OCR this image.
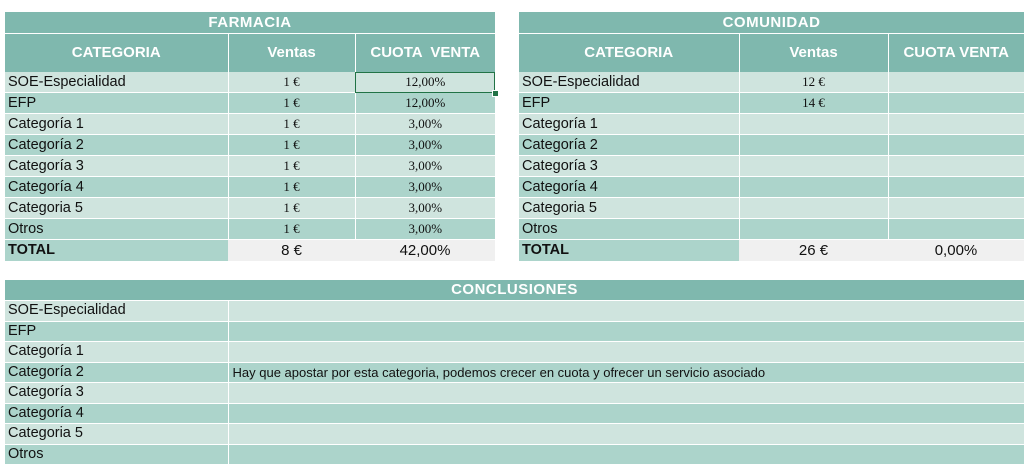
FARMACIA		
CATEGORIA	Ventas	CUOTA  VENTA
SOE-Especialidad	1 €	12,00%
EFP	1 €	12,00%
Categoría 1	1 €	3,00%
Categoría 2	1 €	3,00%
Categoría 3	1 €	3,00%
Categoría 4	1 €	3,00%
Categoria 5	1 €	3,00%
Otros	1 €	3,00%
TOTAL	8 €	42,00%
COMUNIDAD		
CATEGORIA	Ventas	CUOTA VENTA
SOE-Especialidad	12 €	
EFP	14 €	
Categoría 1		
Categoría 2		
Categoría 3		
Categoría 4		
Categoria 5		
Otros		
TOTAL	26 €	0,00%
CONCLUSIONES	
SOE-Especialidad	
EFP	
Categoría 1	
Categoría 2	Hay que apostar por esta categoria, podemos crecer en cuota y ofrecer un servicio asociado
Categoría 3	
Categoría 4	
Categoria 5	
Otros	
